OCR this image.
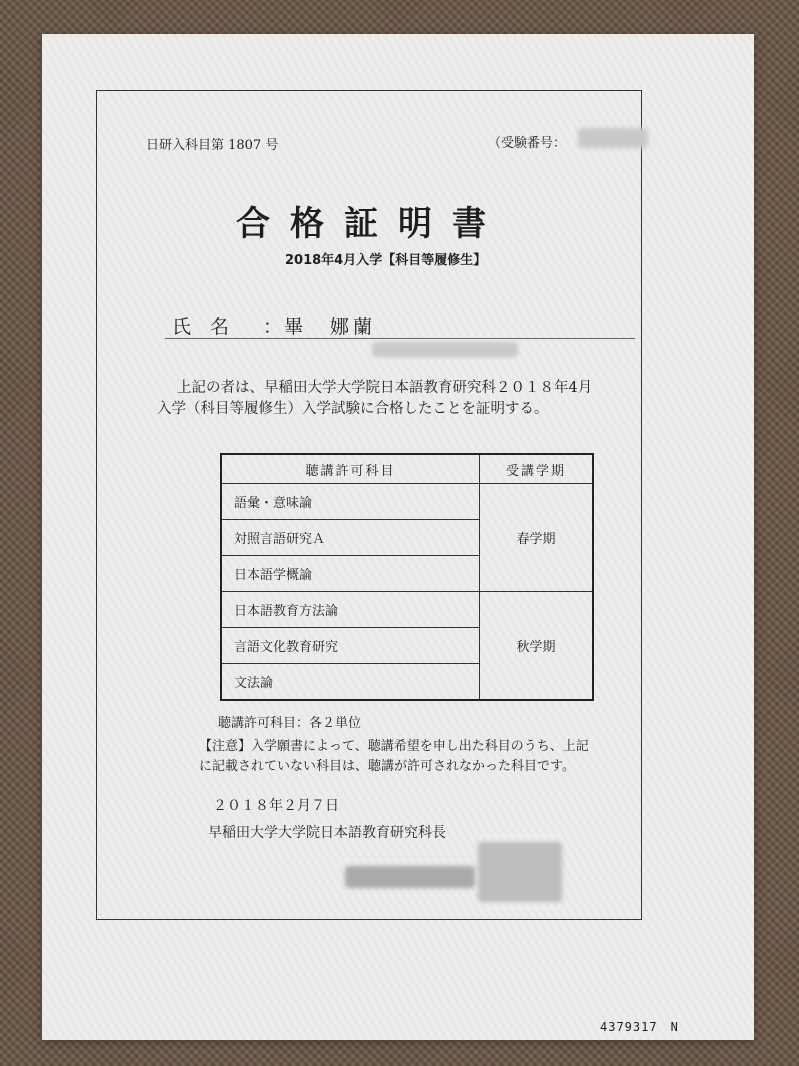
日研入科目第 1807 号	（受験番号：
合格証明書
2018年4月入学【科目等履修生】
氏　名 ： 畢　娜蘭
上記の者は、早稲田大学大学院日本語教育研究科２０１８年4月
入学（科目等履修生）入学試験に合格したことを証明する。
聴講許可科目	受講学期
語彙・意味論	春学期
対照言語研究Ａ	
日本語学概論	
日本語教育方法論	秋学期
言語文化教育研究	
文法論	
聴講許可科目：各２単位
【注意】入学願書によって、聴講希望を申し出た科目のうち、上記
に記載されていない科目は、聴講が許可されなかった科目です。
２０１８年２月７日
早稲田大学大学院日本語教育研究科長
4379317　N
